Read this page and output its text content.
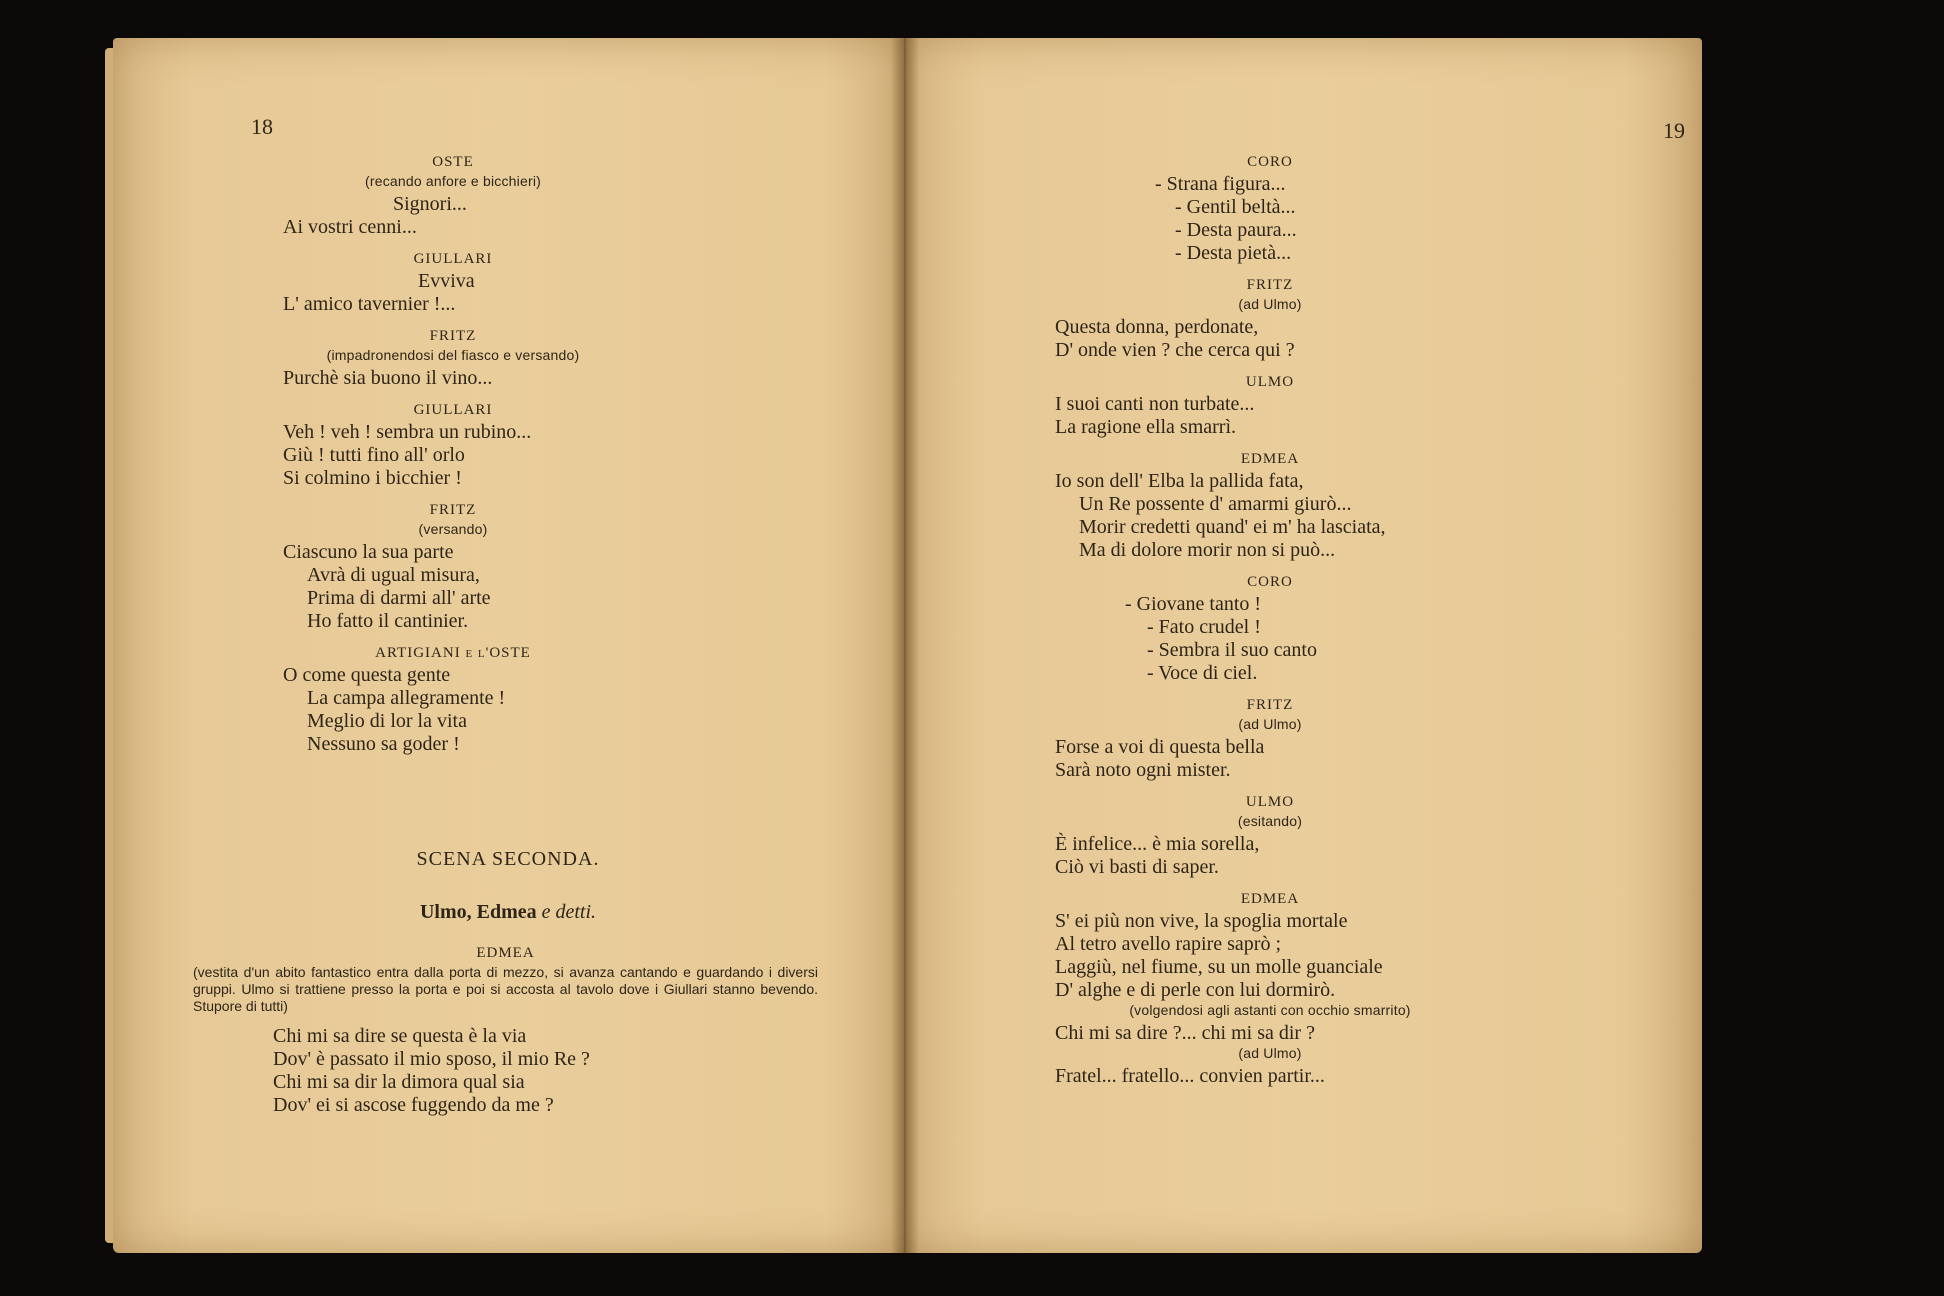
18
OSTE
(recando anfore e bicchieri)
Signori...
Ai vostri cenni...
GIULLARI
Evviva
L' amico tavernier !...
FRITZ
(impadronendosi del fiasco e versando)
Purchè sia buono il vino...
GIULLARI
Veh ! veh ! sembra un rubino...
Giù ! tutti fino all' orlo
Si colmino i bicchier !
FRITZ
(versando)
Ciascuno la sua parte
Avrà di ugual misura,
Prima di darmi all' arte
Ho fatto il cantinier.
ARTIGIANI e l'OSTE
O come questa gente
La campa allegramente !
Meglio di lor la vita
Nessuno sa goder !
SCENA SECONDA.
Ulmo, Edmea e detti.
EDMEA
(vestita d'un abito fantastico entra dalla porta di mezzo, si avanza cantando e guardando i diversi gruppi. Ulmo si trattiene presso la porta e poi si accosta al tavolo dove i Giullari stanno bevendo. Stupore di tutti)
Chi mi sa dire se questa è la via
Dov' è passato il mio sposo, il mio Re ?
Chi mi sa dir la dimora qual sia
Dov' ei si ascose fuggendo da me ?
19
CORO
- Strana figura...
- Gentil beltà...
- Desta paura...
- Desta pietà...
FRITZ
(ad Ulmo)
Questa donna, perdonate,
D' onde vien ? che cerca qui ?
ULMO
I suoi canti non turbate...
La ragione ella smarrì.
EDMEA
Io son dell' Elba la pallida fata,
Un Re possente d' amarmi giurò...
Morir credetti quand' ei m' ha lasciata,
Ma di dolore morir non si può...
CORO
- Giovane tanto !
- Fato crudel !
- Sembra il suo canto
- Voce di ciel.
FRITZ
(ad Ulmo)
Forse a voi di questa bella
Sarà noto ogni mister.
ULMO
(esitando)
È infelice... è mia sorella,
Ciò vi basti di saper.
EDMEA
S' ei più non vive, la spoglia mortale
Al tetro avello rapire saprò ;
Laggiù, nel fiume, su un molle guanciale
D' alghe e di perle con lui dormirò.
(volgendosi agli astanti con occhio smarrito)
Chi mi sa dire ?... chi mi sa dir ?
(ad Ulmo)
Fratel... fratello... convien partir...
